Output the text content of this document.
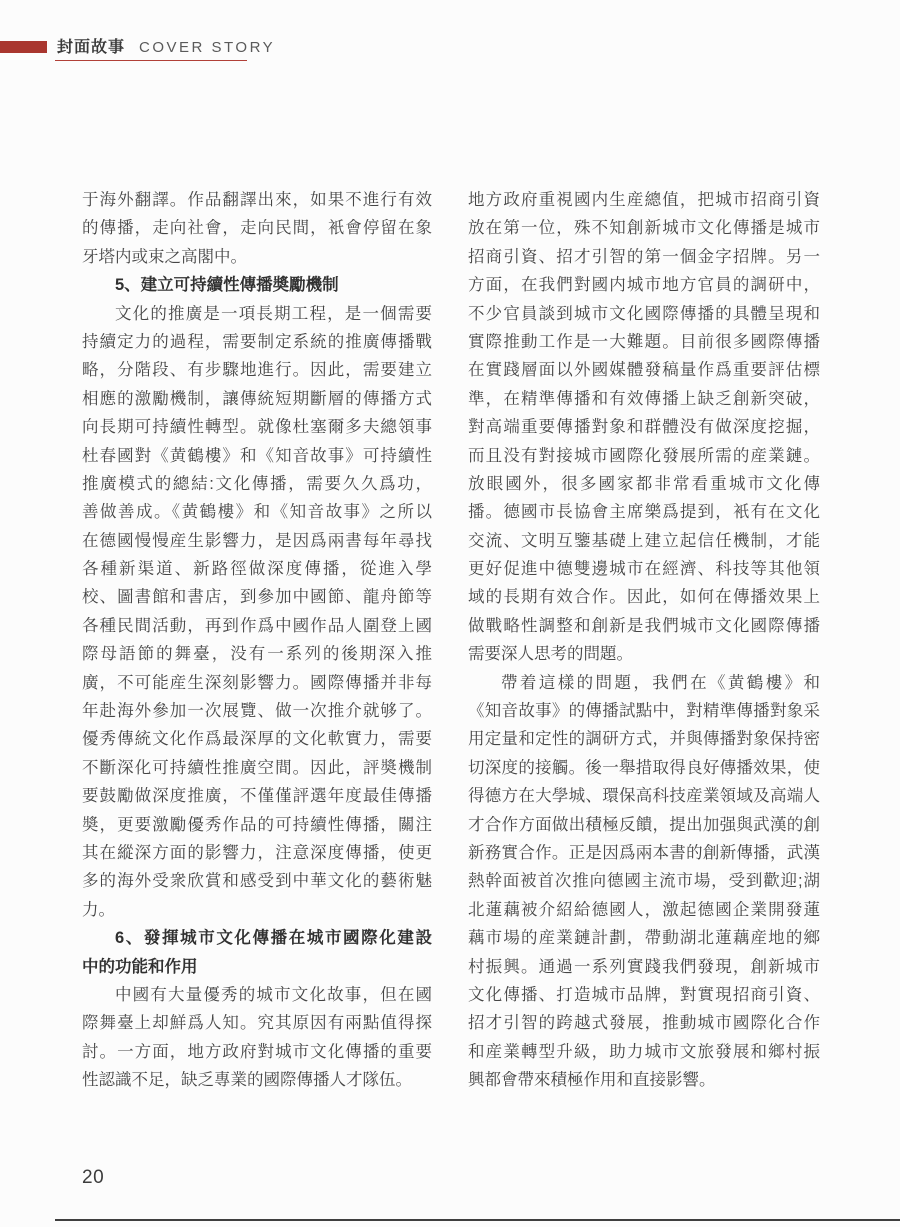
封面故事 COVER STORY
于海外翻譯。作品翻譯出來，如果不進行有效
的傳播，走向社會，走向民間，衹會停留在象
牙塔内或束之高閣中。
5、建立可持續性傳播奬勵機制
文化的推廣是一項長期工程，是一個需要
持續定力的過程，需要制定系統的推廣傳播戰
略，分階段、有步驟地進行。因此，需要建立
相應的激勵機制，讓傳統短期斷層的傳播方式
向長期可持續性轉型。就像杜塞爾多夫總領事
杜春國對《黄鶴樓》和《知音故事》可持續性
推廣模式的總結:文化傳播，需要久久爲功，
善做善成。《黄鶴樓》和《知音故事》之所以
在德國慢慢産生影響力，是因爲兩書每年尋找
各種新渠道、新路徑做深度傳播，從進入學
校、圖書館和書店，到參加中國節、龍舟節等
各種民間活動，再到作爲中國作品人圍登上國
際母語節的舞臺，没有一系列的後期深入推
廣，不可能産生深刻影響力。國際傳播并非每
年赴海外參加一次展覽、做一次推介就够了。
優秀傳統文化作爲最深厚的文化軟實力，需要
不斷深化可持續性推廣空間。因此，評奬機制
要鼓勵做深度推廣，不僅僅評選年度最佳傳播
奬，更要激勵優秀作品的可持續性傳播，關注
其在縱深方面的影響力，注意深度傳播，使更
多的海外受衆欣賞和感受到中華文化的藝術魅
力。
6、發揮城市文化傳播在城市國際化建設
中的功能和作用
中國有大量優秀的城市文化故事，但在國
際舞臺上却鮮爲人知。究其原因有兩點值得探
討。一方面，地方政府對城市文化傳播的重要
性認識不足，缺乏專業的國際傳播人才隊伍。
地方政府重視國内生産總值，把城市招商引資
放在第一位，殊不知創新城市文化傳播是城市
招商引資、招才引智的第一個金字招牌。另一
方面，在我們對國内城市地方官員的調研中，
不少官員談到城市文化國際傳播的具體呈現和
實際推動工作是一大難題。目前很多國際傳播
在實踐層面以外國媒體發稿量作爲重要評估標
準，在精準傳播和有效傳播上缺乏創新突破，
對高端重要傳播對象和群體没有做深度挖掘，
而且没有對接城市國際化發展所需的産業鏈。
放眼國外，很多國家都非常看重城市文化傳
播。德國市長協會主席樂爲提到，衹有在文化
交流、文明互鑒基礎上建立起信任機制，才能
更好促進中德雙邊城市在經濟、科技等其他領
域的長期有效合作。因此，如何在傳播效果上
做戰略性調整和創新是我們城市文化國際傳播
需要深人思考的問題。
帶着這樣的問題，我們在《黄鶴樓》和
《知音故事》的傳播試點中，對精準傳播對象采
用定量和定性的調研方式，并與傳播對象保持密
切深度的接觸。後一舉措取得良好傳播效果，使
得德方在大學城、環保高科技産業領域及高端人
才合作方面做出積極反饋，提出加强與武漢的創
新務實合作。正是因爲兩本書的創新傳播，武漢
熱幹面被首次推向德國主流市場，受到歡迎;湖
北蓮藕被介紹給德國人，激起德國企業開發蓮
藕市場的産業鏈計劃，帶動湖北蓮藕産地的鄉
村振興。通過一系列實踐我們發現，創新城市
文化傳播、打造城市品牌，對實現招商引資、
招才引智的跨越式發展，推動城市國際化合作
和産業轉型升級，助力城市文旅發展和鄉村振
興都會帶來積極作用和直接影響。
20
